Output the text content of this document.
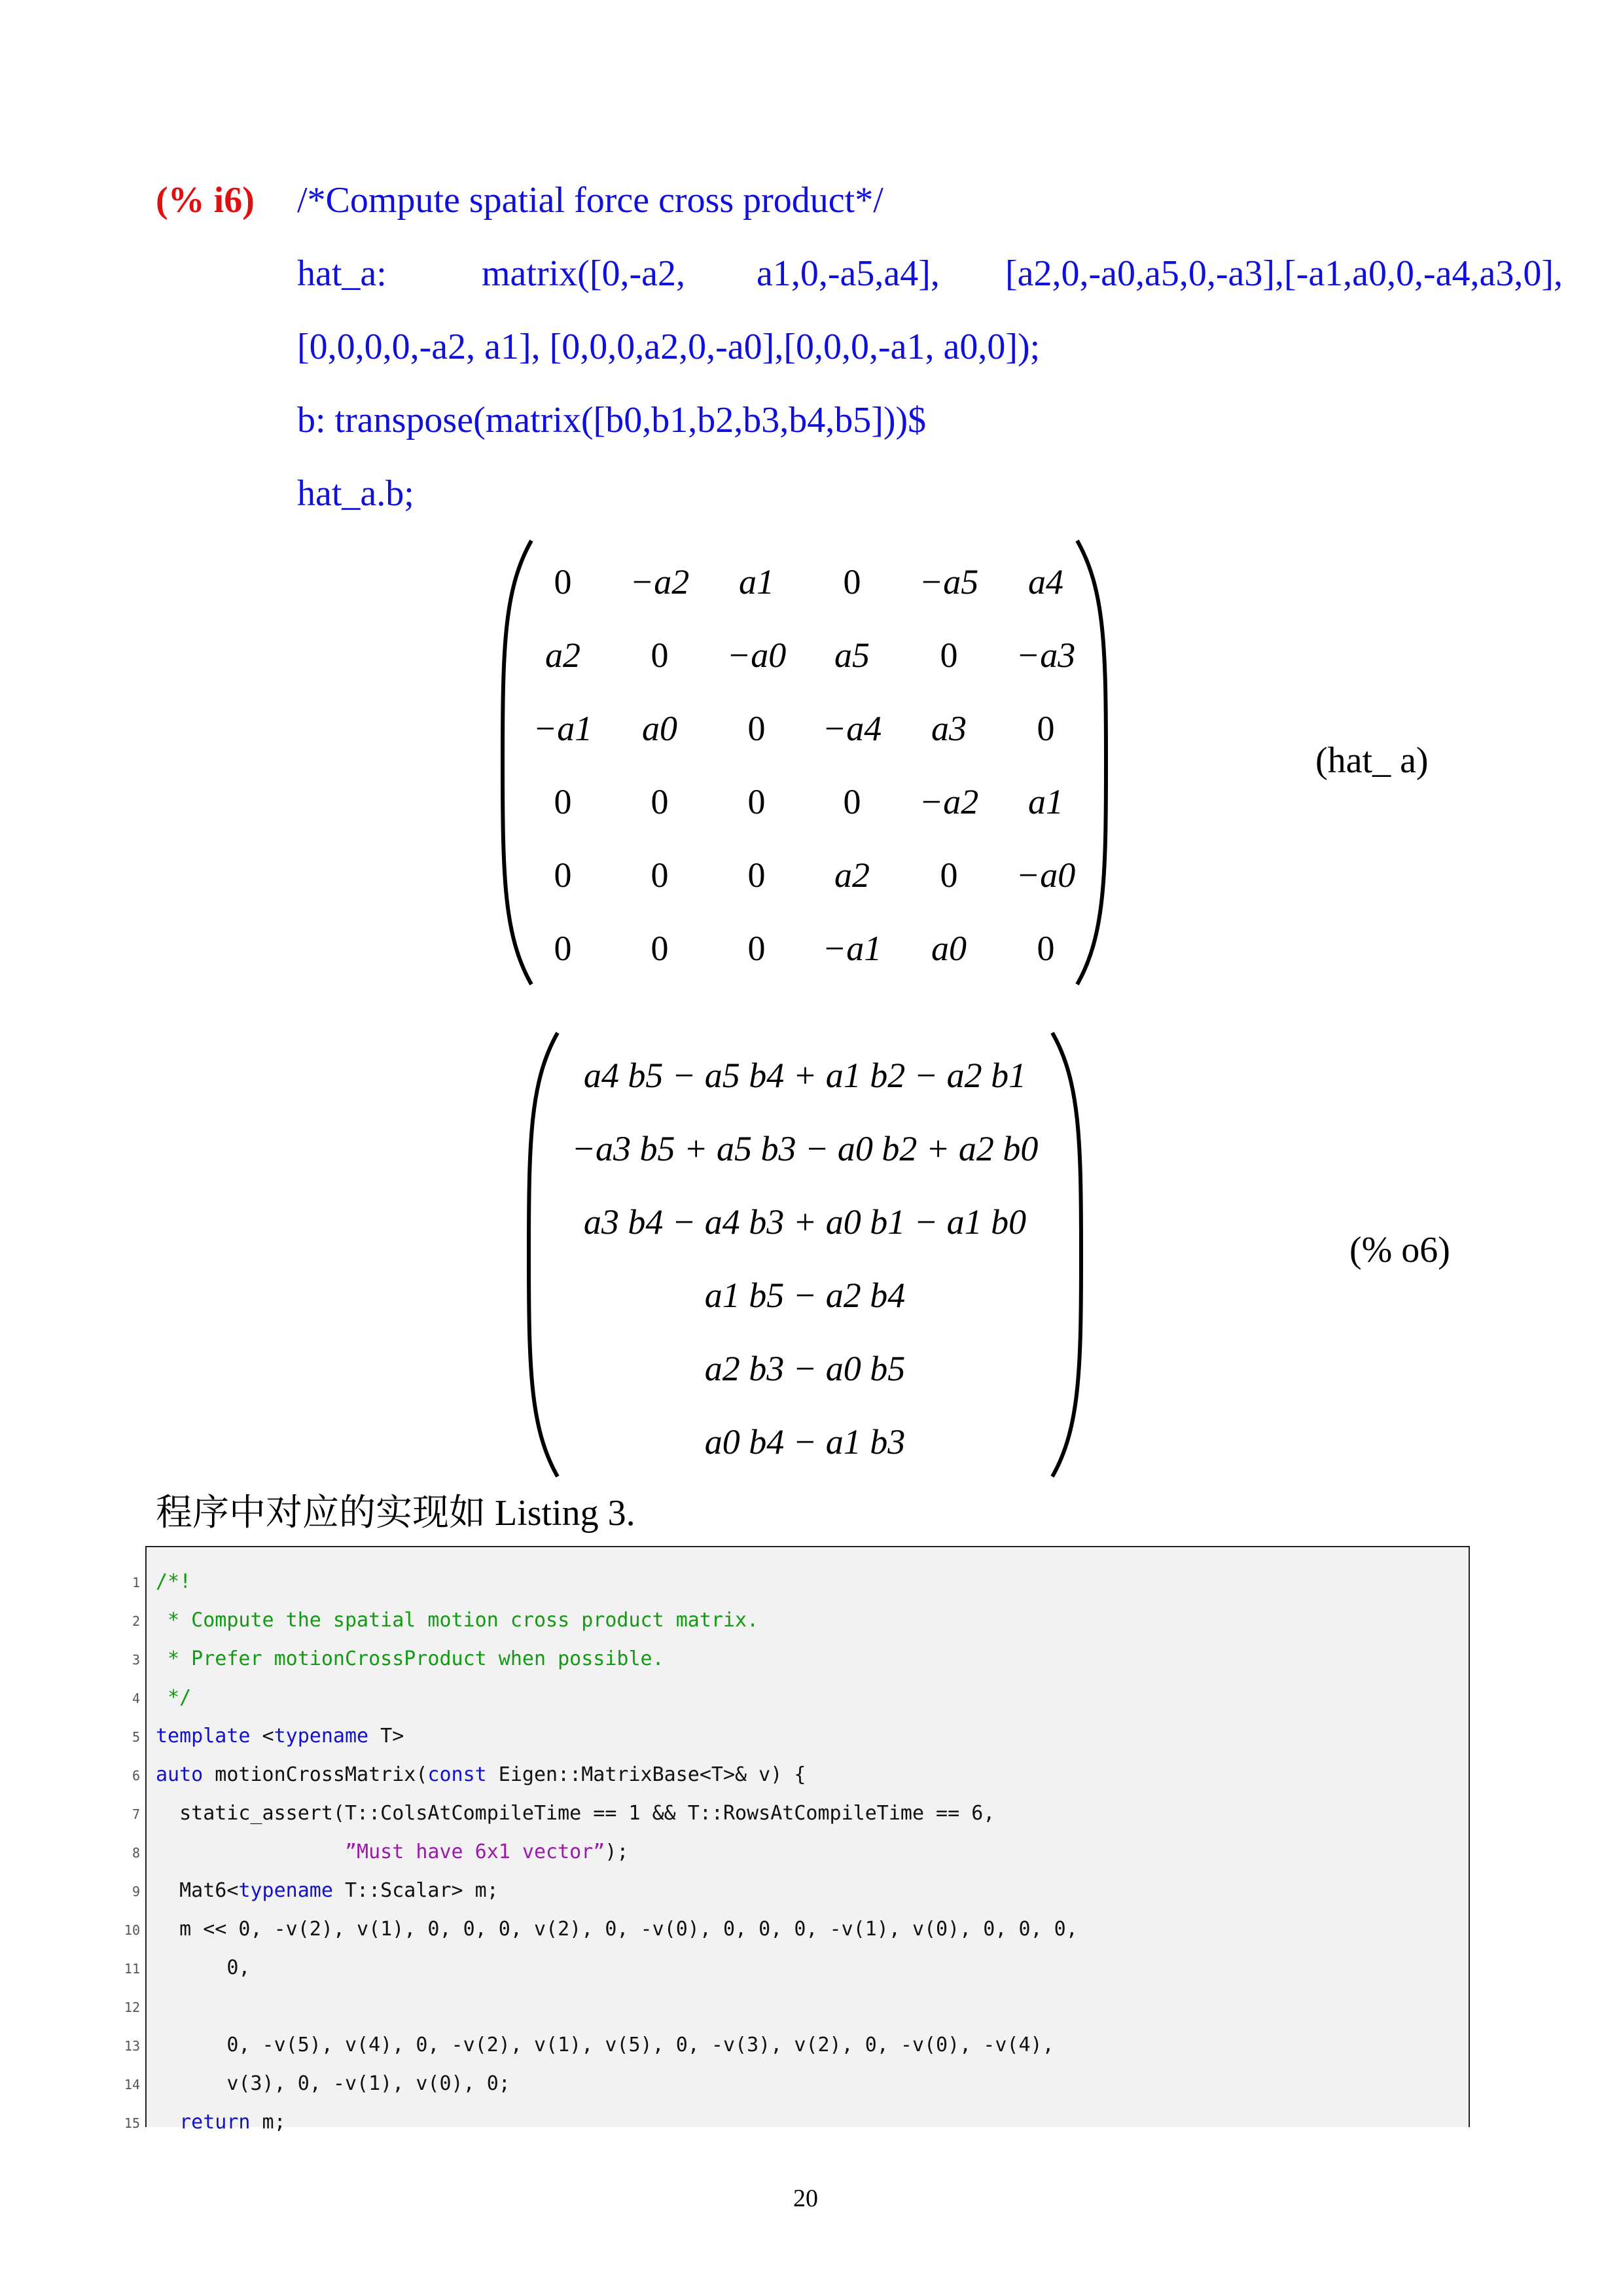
(% i6) /*Compute spatial force cross product*/
hat_a:	matrix([0,-a2, a1,0,-a5,a4], [a2,0,-a0,a5,0,-a3],[-a1,a0,0,-a4,a3,0],
[0,0,0,0,-a2, a1], [0,0,0,a2,0,-a0],[0,0,0,-a1, a0,0]);
b: transpose(matrix([b0,b1,b2,b3,b4,b5]))$
hat_a.b;
0	−a2	a1	0	−a5	a4
a2	0	−a0	a5	0	−a3
−a1	a0	0	−a4	a3	0
0	0	0	0	−a2	a1
0	0	0	a2	0	−a0
0	0	0	−a1	a0	0
(hat_ a)
a4 b5 − a5 b4 + a1 b2 − a2 b1
−a3 b5 + a5 b3 − a0 b2 + a2 b0
a3 b4 − a4 b3 + a0 b1 − a1 b0
a1 b5 − a2 b4
a2 b3 − a0 b5
a0 b4 − a1 b3
(% o6)
程序中对应的实现如 Listing 3.
1 /*!
2 * Compute the spatial motion cross product matrix.
3 * Prefer motionCrossProduct when possible.
4 */
5 template <typename T>
6 auto motionCrossMatrix(const Eigen::MatrixBase<T>& v) {
7 static_assert(T::ColsAtCompileTime == 1 && T::RowsAtCompileTime == 6,
8 ”Must have 6x1 vector”);
9 Mat6<typename T::Scalar> m;
10 m << 0, -v(2), v(1), 0, 0, 0, v(2), 0, -v(0), 0, 0, 0, -v(1), v(0), 0, 0, 0,
11 0,
12
13 0, -v(5), v(4), 0, -v(2), v(1), v(5), 0, -v(3), v(2), 0, -v(0), -v(4),
14 v(3), 0, -v(1), v(0), 0;
15	return m;
20
